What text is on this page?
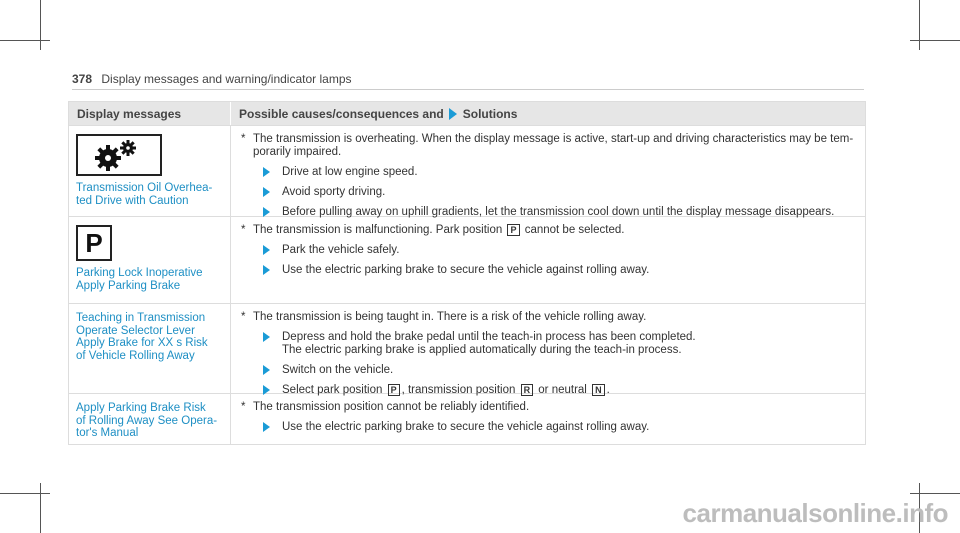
378 Display messages and warning/indicator lamps
Display messages	Possible causes/consequences and Solutions
Transmission Oil Overhea-
ted Drive with Caution
* The transmission is overheating. When the display message is active, start-up and driving characteristics may be tem-
porarily impaired.
Drive at low engine speed.
Avoid sporty driving.
Before pulling away on uphill gradients, let the transmission cool down until the display message disappears.
P
Parking Lock Inoperative
Apply Parking Brake
* The transmission is malfunctioning. Park position P cannot be selected.
Park the vehicle safely.
Use the electric parking brake to secure the vehicle against rolling away.
Teaching in Transmission
Operate Selector Lever
Apply Brake for XX s Risk
of Vehicle Rolling Away
* The transmission is being taught in. There is a risk of the vehicle rolling away.
Depress and hold the brake pedal until the teach-in process has been completed.
The electric parking brake is applied automatically during the teach-in process.
Switch on the vehicle.
Select park position P , transmission position R or neutral N .
Apply Parking Brake Risk
of Rolling Away See Opera-
tor's Manual
* The transmission position cannot be reliably identified.
Use the electric parking brake to secure the vehicle against rolling away.
carmanualsonline.info
